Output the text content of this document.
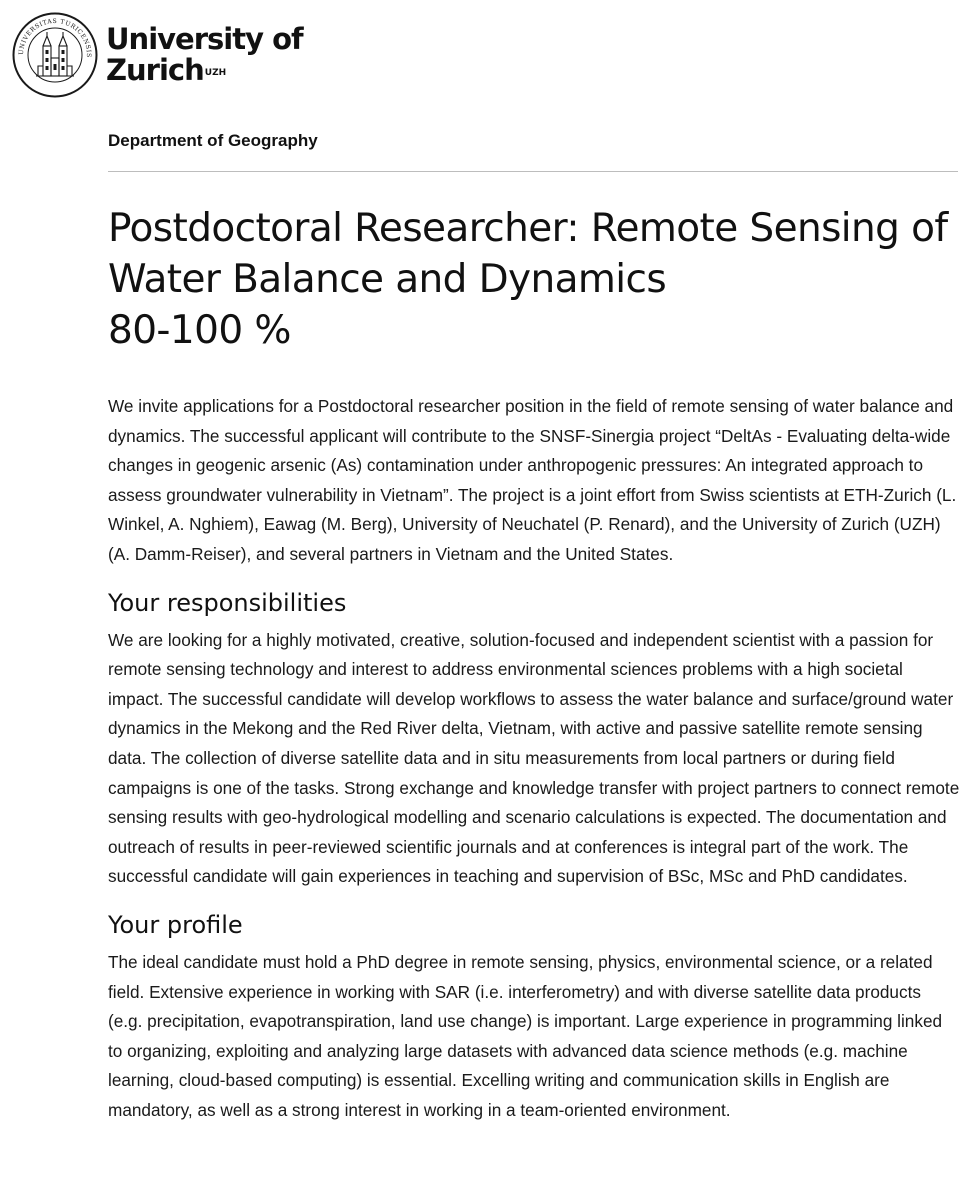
UNIVERSITAS TURICENSIS University of
Zurich$^{UZH}$

Department of Geography

Postdoctoral Researcher: Remote Sensing of
Water Balance and Dynamics
80-100 %

We invite applications for a Postdoctoral researcher position in the field of remote sensing of water balance and dynamics. The successful applicant will contribute to the SNSF-Sinergia project “DeltAs - Evaluating delta-wide changes in geogenic arsenic (As) contamination under anthropogenic pressures: An integrated approach to assess groundwater vulnerability in Vietnam”. The project is a joint effort from Swiss scientists at ETH-Zurich (L. Winkel, A. Nghiem), Eawag (M. Berg), University of Neuchatel (P. Renard), and the University of Zurich (UZH) (A. Damm-Reiser), and several partners in Vietnam and the United States.

Your responsibilities

We are looking for a highly motivated, creative, solution-focused and independent scientist with a passion for remote sensing technology and interest to address environmental sciences problems with a high societal impact. The successful candidate will develop workflows to assess the water balance and surface/ground water dynamics in the Mekong and the Red River delta, Vietnam, with active and passive satellite remote sensing data. The collection of diverse satellite data and in situ measurements from local partners or during field campaigns is one of the tasks. Strong exchange and knowledge transfer with project partners to connect remote sensing results with geo-hydrological modelling and scenario calculations is expected. The documentation and outreach of results in peer-reviewed scientific journals and at conferences is integral part of the work. The successful candidate will gain experiences in teaching and supervision of BSc, MSc and PhD candidates.

Your profile

The ideal candidate must hold a PhD degree in remote sensing, physics, environmental science, or a related field. Extensive experience in working with SAR (i.e. interferometry) and with diverse satellite data products (e.g. precipitation, evapotranspiration, land use change) is important. Large experience in programming linked to organizing, exploiting and analyzing large datasets with advanced data science methods (e.g. machine learning, cloud-based computing) is essential. Excelling writing and communication skills in English are mandatory, as well as a strong interest in working in a team-oriented environment.
